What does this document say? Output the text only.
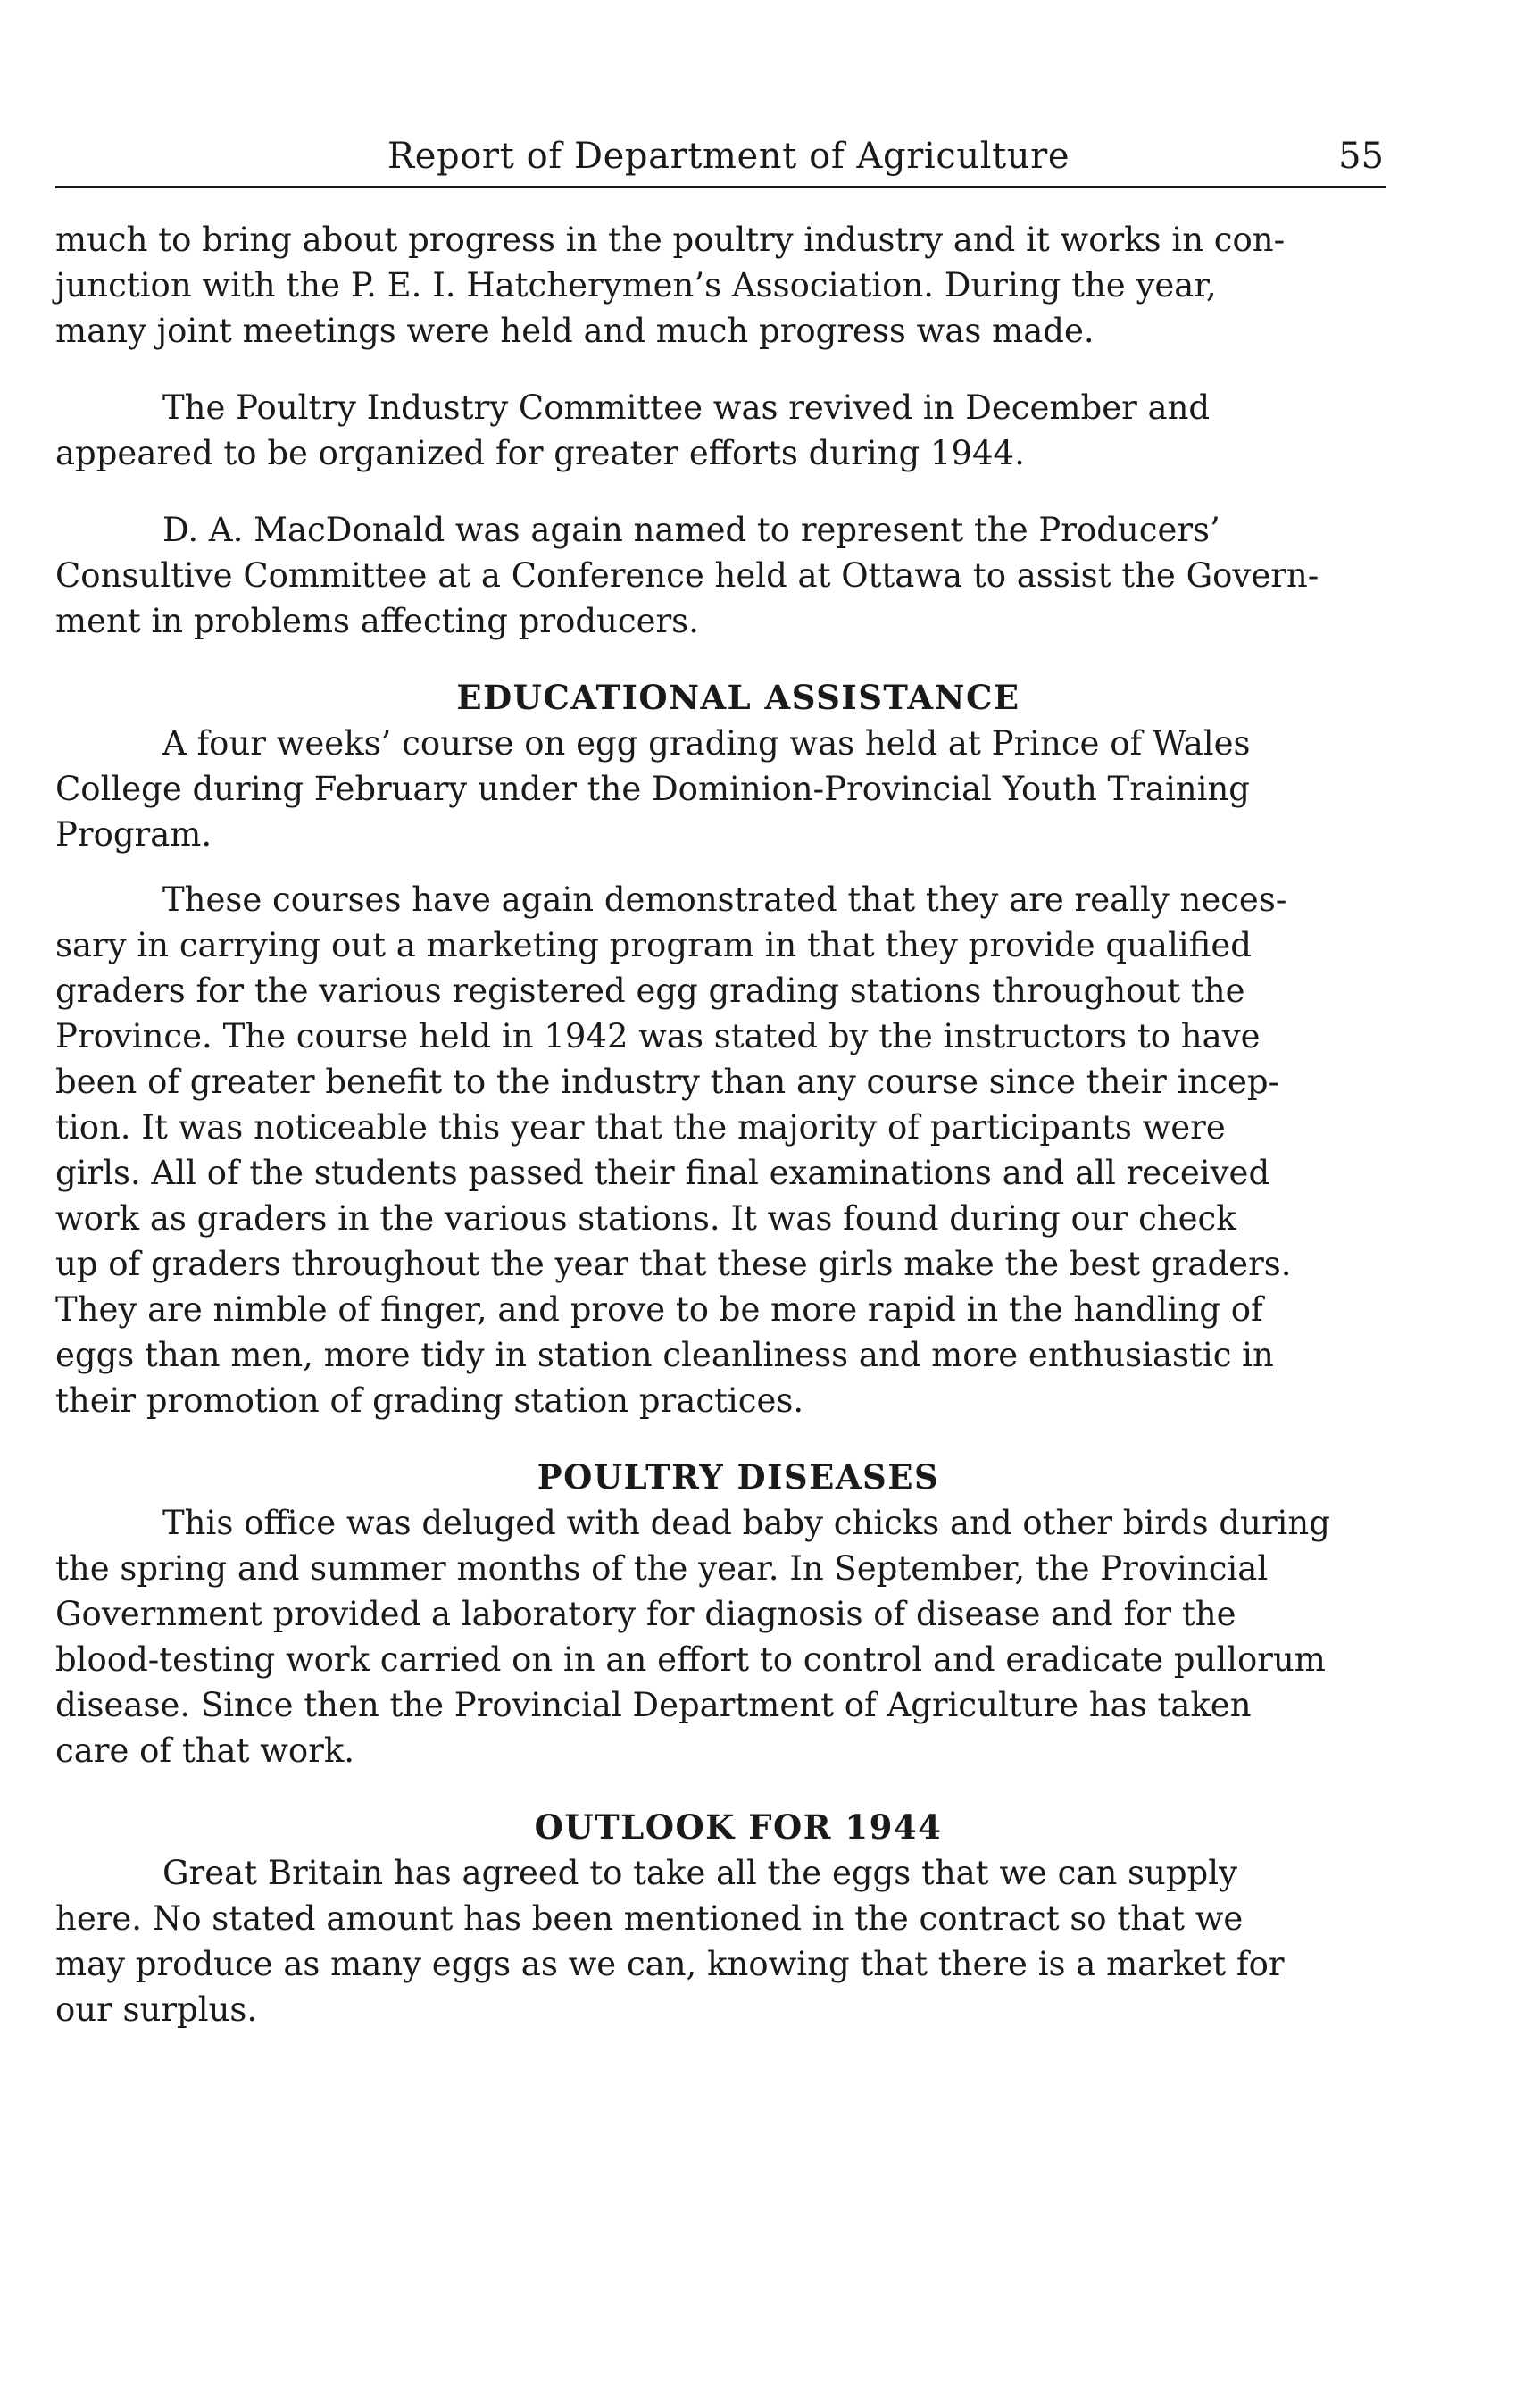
Report of Department of Agriculture	55

much to bring about progress in the poultry industry and it works in con-
junction with the P. E. I. Hatcherymen’s Association. During the year,
many joint meetings were held and much progress was made.

The Poultry Industry Committee was revived in December and
appeared to be organized for greater efforts during 1944.

D. A. MacDonald was again named to represent the Producers’
Consultive Committee at a Conference held at Ottawa to assist the Govern-
ment in problems affecting producers.

EDUCATIONAL ASSISTANCE

A four weeks’ course on egg grading was held at Prince of Wales
College during February under the Dominion-Provincial Youth Training
Program.

These courses have again demonstrated that they are really neces-
sary in carrying out a marketing program in that they provide qualified
graders for the various registered egg grading stations throughout the
Province. The course held in 1942 was stated by the instructors to have
been of greater benefit to the industry than any course since their incep-
tion. It was noticeable this year that the majority of participants were
girls. All of the students passed their final examinations and all received
work as graders in the various stations. It was found during our check
up of graders throughout the year that these girls make the best graders.
They are nimble of finger, and prove to be more rapid in the handling of
eggs than men, more tidy in station cleanliness and more enthusiastic in
their promotion of grading station practices.

POULTRY DISEASES

This office was deluged with dead baby chicks and other birds during
the spring and summer months of the year. In September, the Provincial
Government provided a laboratory for diagnosis of disease and for the
blood-testing work carried on in an effort to control and eradicate pullorum
disease. Since then the Provincial Department of Agriculture has taken
care of that work.

OUTLOOK FOR 1944

Great Britain has agreed to take all the eggs that we can supply
here. No stated amount has been mentioned in the contract so that we
may produce as many eggs as we can, knowing that there is a market for
our surplus.
